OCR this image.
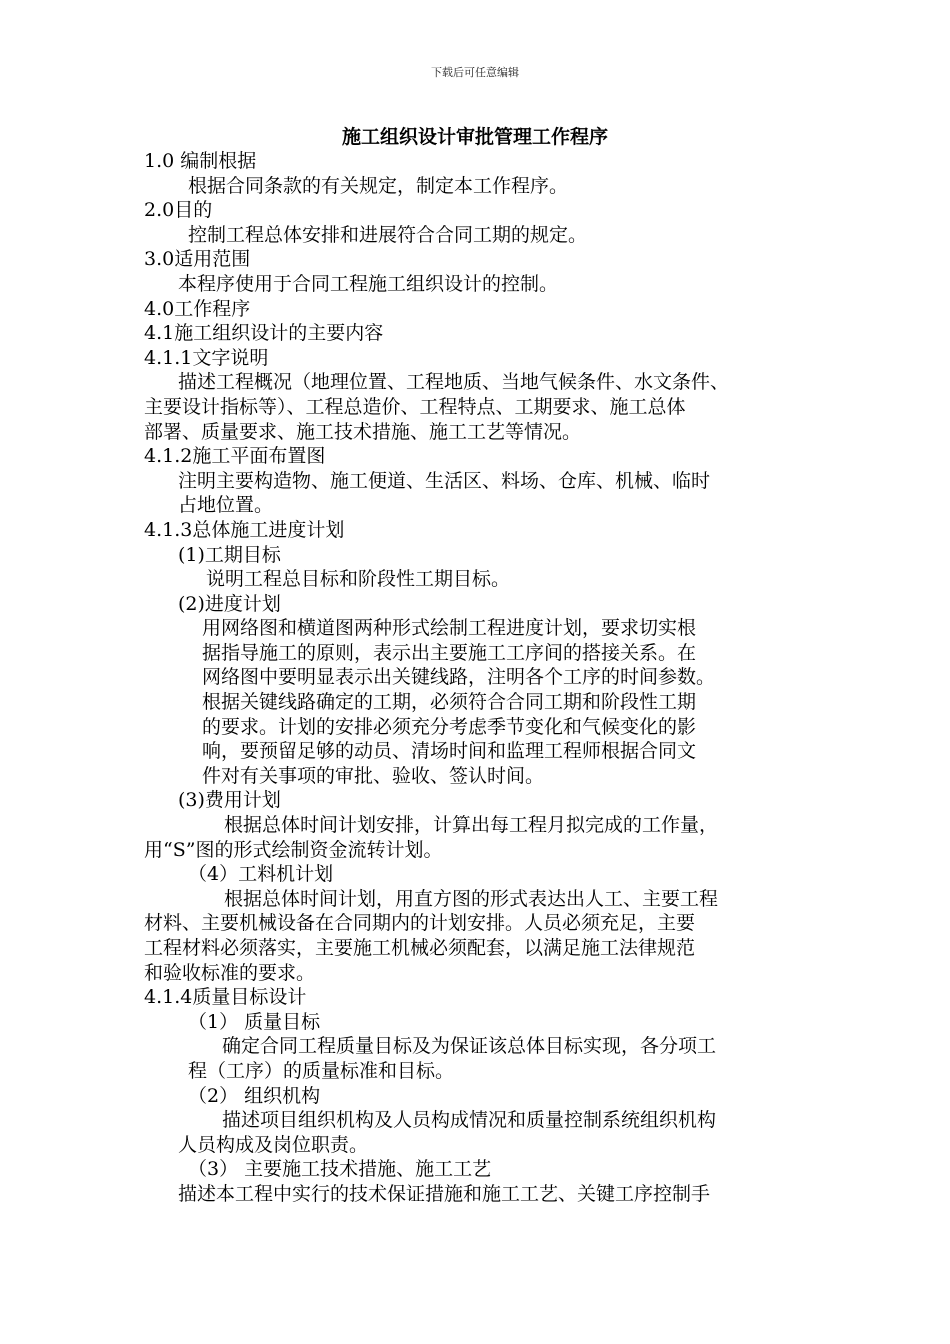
下载后可任意编辑
施工组织设计审批管理工作程序
1.0 编制根据
根据合同条款的有关规定，制定本工作程序。
2.0目的
控制工程总体安排和进展符合合同工期的规定。
3.0适用范围
本程序使用于合同工程施工组织设计的控制。
4.0工作程序
4.1施工组织设计的主要内容
4.1.1文字说明
描述工程概况（地理位置、工程地质、当地气候条件、水文条件、
主要设计指标等）、工程总造价、工程特点、工期要求、施工总体
部署、质量要求、施工技术措施、施工工艺等情况。
4.1.2施工平面布置图
注明主要构造物、施工便道、生活区、料场、仓库、机械、临时
占地位置。
4.1.3总体施工进度计划
(1)工期目标
说明工程总目标和阶段性工期目标。
(2)进度计划
用网络图和横道图两种形式绘制工程进度计划，要求切实根
据指导施工的原则，表示出主要施工工序间的搭接关系。在
网络图中要明显表示出关键线路，注明各个工序的时间参数。
根据关键线路确定的工期，必须符合合同工期和阶段性工期
的要求。计划的安排必须充分考虑季节变化和气候变化的影
响，要预留足够的动员、清场时间和监理工程师根据合同文
件对有关事项的审批、验收、签认时间。
(3)费用计划
根据总体时间计划安排，计算出每工程月拟完成的工作量，
用“S”图的形式绘制资金流转计划。
（4）工料机计划
根据总体时间计划，用直方图的形式表达出人工、主要工程
材料、主要机械设备在合同期内的计划安排。人员必须充足，主要
工程材料必须落实，主要施工机械必须配套，以满足施工法律规范
和验收标准的要求。
4.1.4质量目标设计
（1） 质量目标
确定合同工程质量目标及为保证该总体目标实现，各分项工
程（工序）的质量标准和目标。
（2） 组织机构
描述项目组织机构及人员构成情况和质量控制系统组织机构
人员构成及岗位职责。
（3） 主要施工技术措施、施工工艺
描述本工程中实行的技术保证措施和施工工艺、关键工序控制手
